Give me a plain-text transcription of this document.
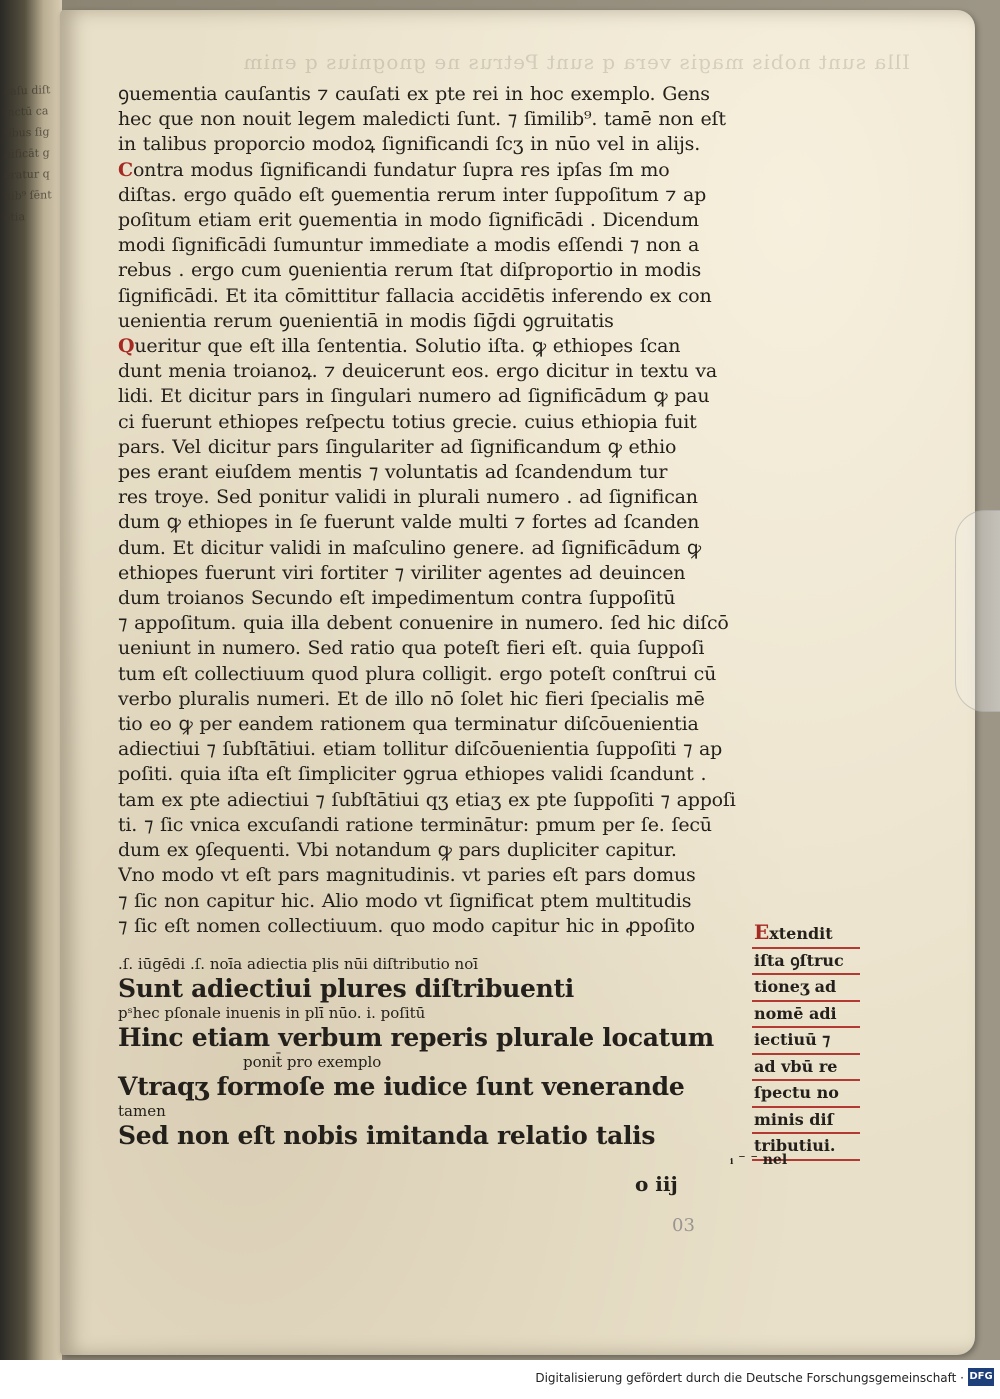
caſu diſtinctū caſibus ſignificāt geratur quib⁹ ſēntētia
Illa sunt nobis magis vera q sunt Petrus ne gnognius q enim
ꝯuementia cauſantis ⁊ cauſati ex pte rei in hoc exemplo. Gens
hec que non nouit legem maledicti ſunt. ⁊ ſimilib⁹. tamē non eſt
in talibus proporcio modoꝝ ſignificandi ſcʒ in nūo vel in alijs.
Contra modus ſignificandi fundatur ſupra res ipſas ſm mo
diſtas. ergo quādo eſt ꝯuementia rerum inter ſuppoſitum ⁊ ap
poſitum etiam erit ꝯuementia in modo ſignificādi . Dicendum
modi ſignificādi ſumuntur immediate a modis eſſendi ⁊ non a
rebus . ergo cum ꝯuenientia rerum ſtat diſproportio in modis
ſignificādi. Et ita cōmittitur fallacia accidētis inferendo ex con
uenientia rerum ꝯuenientiā in modis ſiḡdi ꝯgruitatis
Queritur que eſt illa ſententia. Solutio iſta. ꝙ ethiopes ſcan
dunt menia troianoꝝ. ⁊ deuicerunt eos. ergo dicitur in textu va
lidi. Et dicitur pars in ſingulari numero ad ſignificādum ꝙ pau
ci fuerunt ethiopes reſpectu totius grecie. cuius ethiopia fuit
pars. Vel dicitur pars ſingulariter ad ſignificandum ꝙ ethio
pes erant eiuſdem mentis ⁊ voluntatis ad ſcandendum tur
res troye. Sed ponitur validi in plurali numero . ad ſignifican
dum ꝙ ethiopes in ſe fuerunt valde multi ⁊ fortes ad ſcanden
dum. Et dicitur validi in maſculino genere. ad ſignificādum ꝙ
ethiopes fuerunt viri fortiter ⁊ viriliter agentes ad deuincen
dum troianos Secundo eſt impedimentum contra ſuppoſitū
⁊ appoſitum. quia illa debent conuenire in numero. ſed hic diſcō
ueniunt in numero. Sed ratio qua poteſt fieri eſt. quia ſuppoſi
tum eſt collectiuum quod plura colligit. ergo poteſt conſtrui cū
verbo pluralis numeri. Et de illo nō ſolet hic fieri ſpecialis mē
tio eo ꝙ per eandem rationem qua terminatur diſcōuenientia
adiectiui ⁊ ſubſtātiui. etiam tollitur diſcōuenientia ſuppoſiti ⁊ ap
poſiti. quia iſta eſt ſimpliciter ꝯgrua ethiopes validi ſcandunt .
tam ex pte adiectiui ⁊ ſubſtātiui qʒ etiaʒ ex pte ſuppoſiti ⁊ appoſi
ti. ⁊ ſic vnica excuſandi ratione terminātur: pmum per ſe. ſecū
dum ex ꝯſequenti. Vbi notandum ꝙ pars dupliciter capitur.
Vno modo vt eſt pars magnitudinis. vt paries eſt pars domus
⁊ ſic non capitur hic. Alio modo vt ſignificat ptem multitudis
⁊ ſic eſt nomen collectiuum. quo modo capitur hic in ꝓpoſito
.ſ. iūgēdi .ſ. noīa adiectia plis nūi diſtributio noī
Sunt adiectiui plures diſtribuenti
pˢhec pſonale inuenis in plī nūo. i. poſitū
Hinc etiam verbum reperis plurale locatum
ponit̄ pro exemplo
Vtraqʒ formoſe me iudice ſunt venerande
tamen
Sed non eſt nobis imitanda relatio talis
Extendit
iſta ꝯſtruc
tioneʒ ad
nomē adi
iectiuū ⁊
ad vbū re
ſpectu no
minis diſ
tributiui.
ᵢ ⁻ ⁻ nel
o iij
03
Digitalisierung gefördert durch die Deutsche Forschungsgemeinschaft · DFG
